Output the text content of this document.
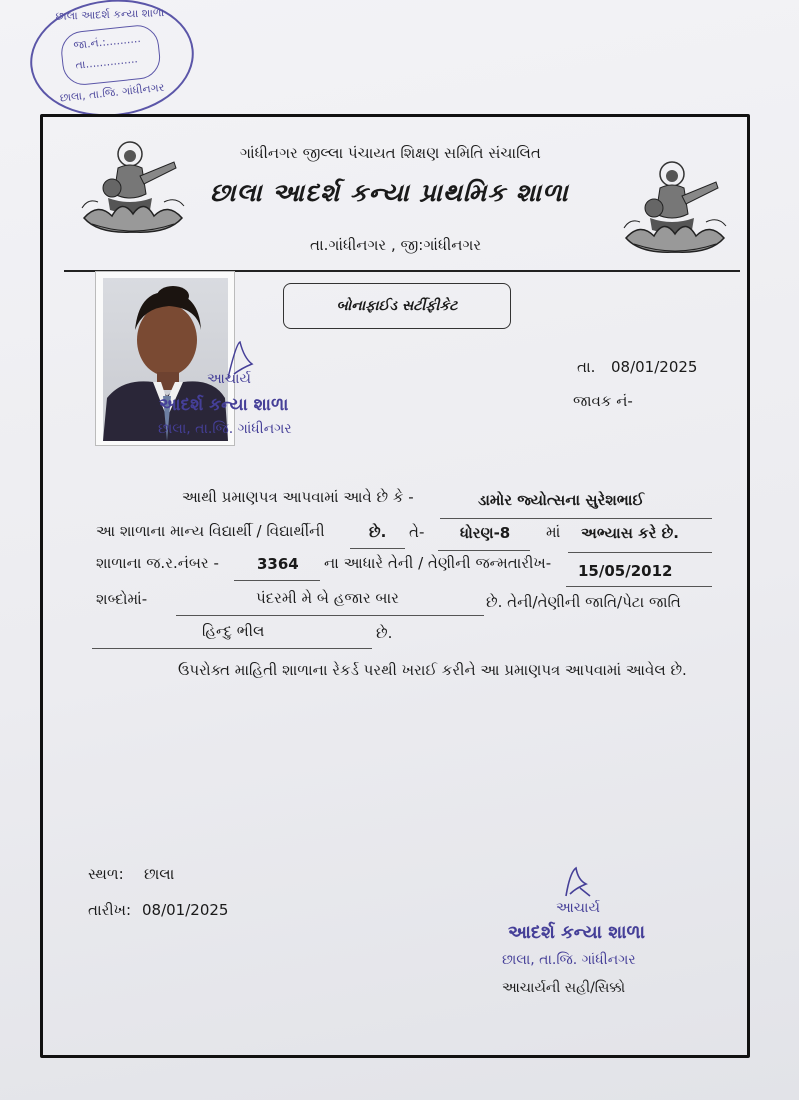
છાલા આદર્શ કન્યા શાળા
જા.નં.:..........
તા...............
છાલા, તા.જિ. ગાંધીનગર
ગાંધીનગર જીલ્લા પંચાયત શિક્ષણ સમિતિ સંચાલિત
છાલા આદર્શ કન્યા પ્રાથમિક શાળા
તા.ગાંધીનગર , જી:ગાંધીનગર
આચાર્ય
આદર્શ કન્યા શાળા
છાલા, તા.જિ. ગાંધીનગર
બોનાફાઈડ સર્ટીફીકેટ
તા. 08/01/2025
જાવક નં-
આથી પ્રમાણપત્ર આપવામાં આવે છે કે -	ડામોર જ્યોત્સના સુરેશભાઈ
આ શાળાના માન્ય વિદ્યાર્થી / વિદ્યાર્થીની	છે. તે- ધોરણ-8 માં અભ્યાસ કરે છે.
શાળાના જ.ર.નંબર -	3364 ના આધારે તેની / તેણીની જન્મતારીખ- 15/05/2012
શબ્દોમાં-	પંદરમી મે બે હજાર બાર	છે. તેની/તેણીની જાતિ/પેટા જાતિ
હિન્દુ ભીલ	છે.
ઉપરોક્ત માહિતી શાળાના રેકર્ડ પરથી ખરાઈ કરીને આ પ્રમાણપત્ર આપવામાં આવેલ છે.
સ્થળ: છાલા
તારીખ: 08/01/2025	આચાર્ય
આદર્શ કન્યા શાળા
છાલા, તા.જિ. ગાંધીનગર
આચાર્યની સહી/સિક્કો
